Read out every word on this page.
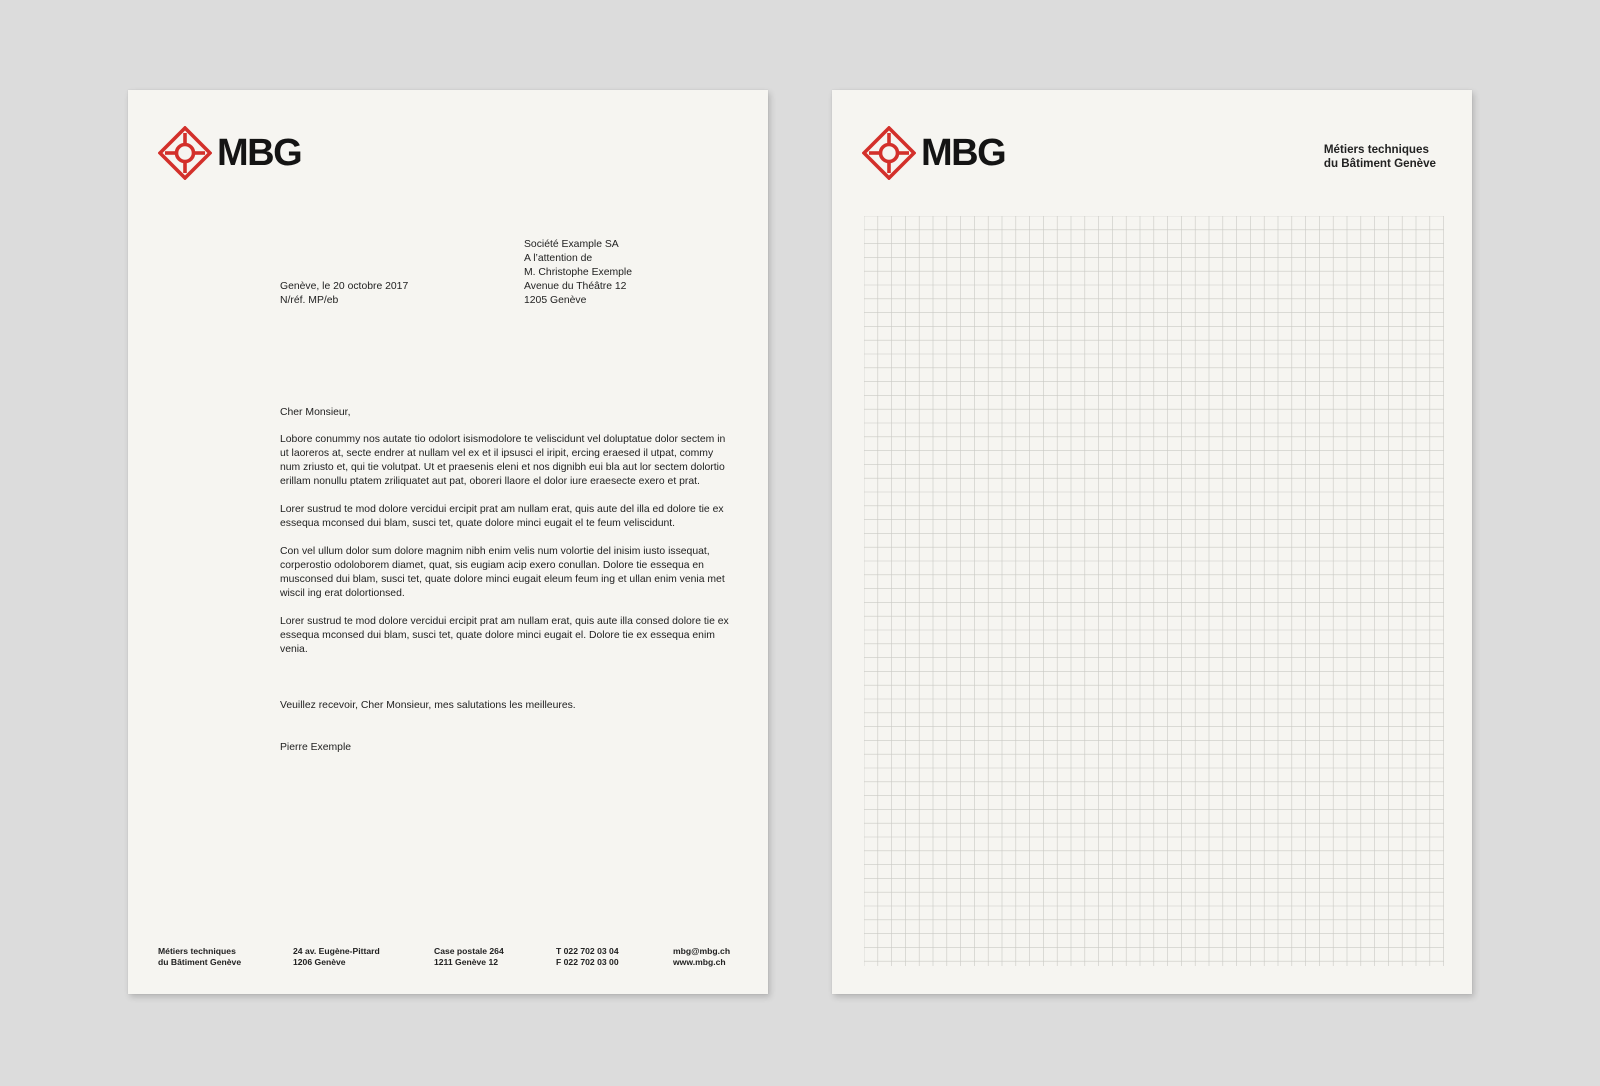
MBG
Genève, le 20 octobre 2017
N/réf. MP/eb
Société Example SA
A l’attention de
M. Christophe Exemple
Avenue du Théâtre 12
1205 Genève
Cher Monsieur,

Lobore conummy nos autate tio odolort isismodolore te veliscidunt vel doluptatue dolor sectem in ut laoreros at, secte endrer at nullam vel ex et il ipsusci el iripit, ercing eraesed il utpat, commy num zriusto et, qui tie volutpat. Ut et praesenis eleni et nos dignibh eui bla aut lor sectem dolortio erillam nonullu ptatem zriliquatet aut pat, oboreri llaore el dolor iure eraesecte exero et prat.

Lorer sustrud te mod dolore vercidui ercipit prat am nullam erat, quis aute del illa ed dolore tie ex essequa mconsed dui blam, susci tet, quate dolore minci eugait el te feum veliscidunt.

Con vel ullum dolor sum dolore magnim nibh enim velis num volortie del inisim iusto issequat, corperostio odoloborem diamet, quat, sis eugiam acip exero conullan. Dolore tie essequa en musconsed dui blam, susci tet, quate dolore minci eugait eleum feum ing et ullan enim venia met wiscil ing erat dolortionsed.

Lorer sustrud te mod dolore vercidui ercipit prat am nullam erat, quis aute illa consed dolore tie ex essequa mconsed dui blam, susci tet, quate dolore minci eugait el. Dolore tie ex essequa enim venia.

Veuillez recevoir, Cher Monsieur, mes salutations les meilleures.
Pierre Exemple
Métiers techniques
du Bâtiment Genève
24 av. Eugène-Pittard
1206 Genève
Case postale 264
1211 Genève 12
T 022 702 03 04
F 022 702 03 00
mbg@mbg.ch
www.mbg.ch
MBG	Métiers techniques
du Bâtiment Genève
